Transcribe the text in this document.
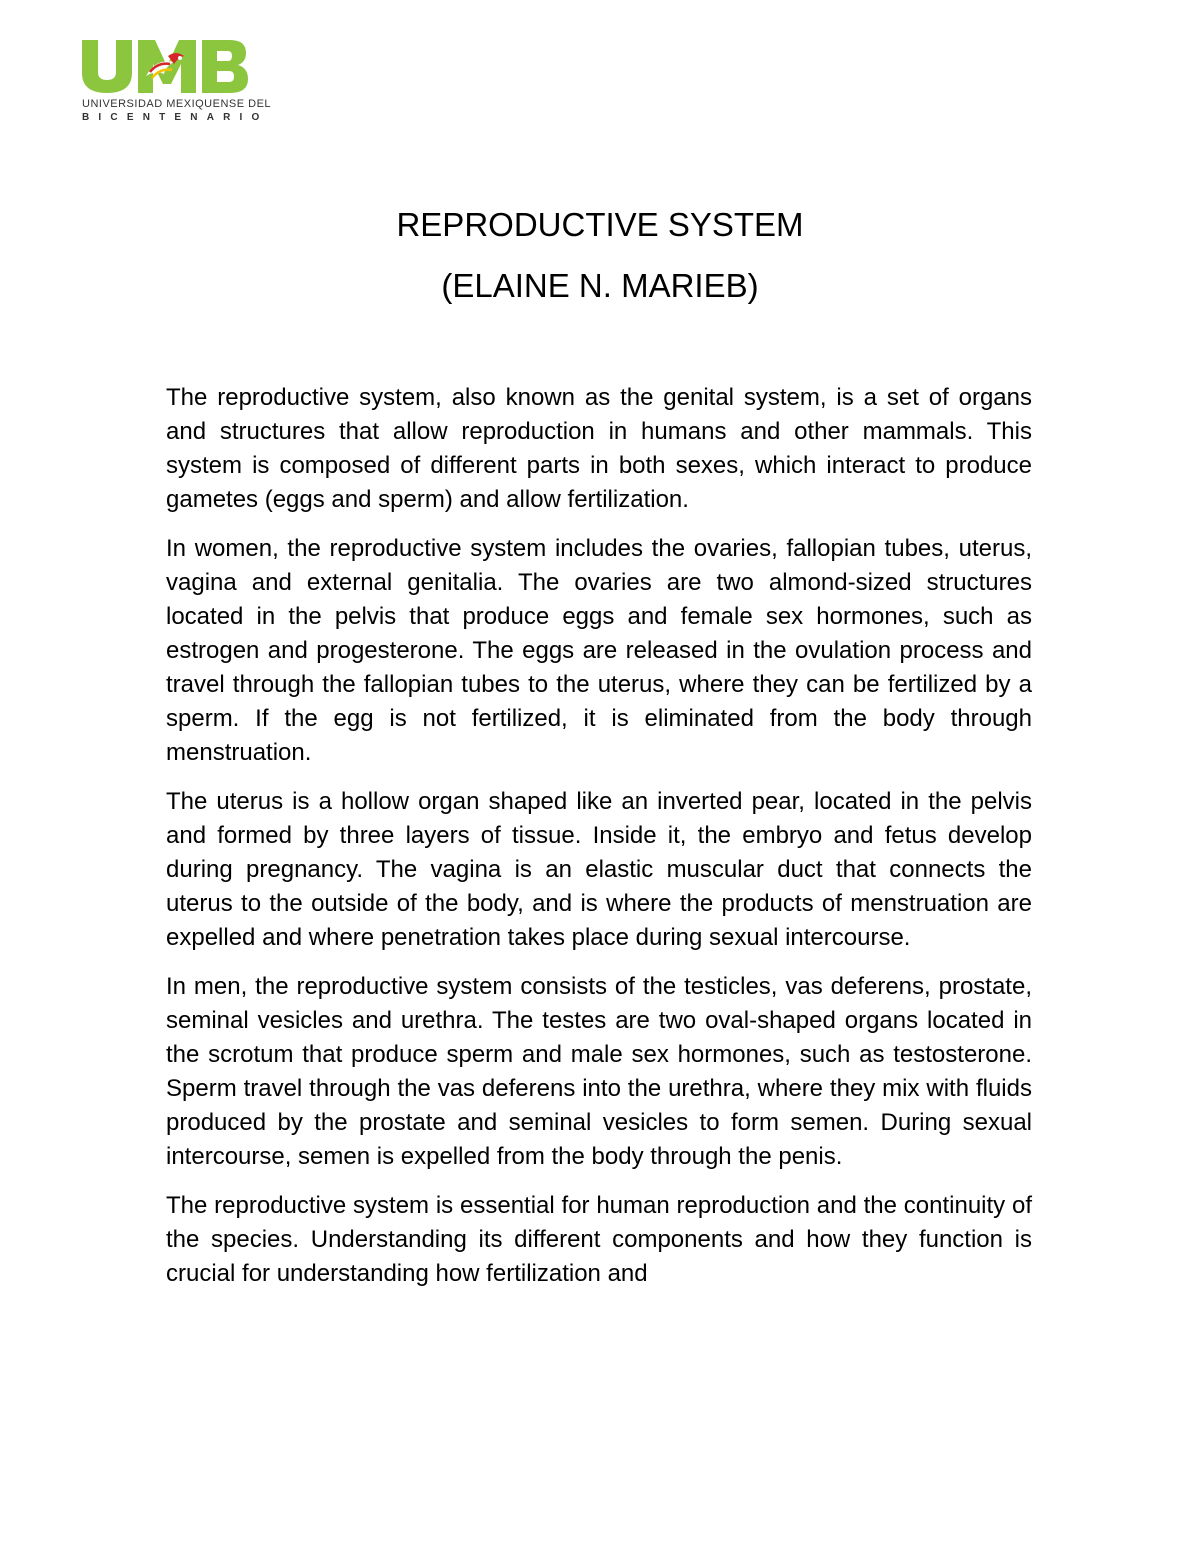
UNIVERSIDAD MEXIQUENSE DEL
BICENTENARIO
REPRODUCTIVE SYSTEM
(ELAINE N. MARIEB)

The reproductive system, also known as the genital system, is a set of organs and structures that allow reproduction in humans and other mammals. This system is composed of different parts in both sexes, which interact to produce gametes (eggs and sperm) and allow fertilization.

In women, the reproductive system includes the ovaries, fallopian tubes, uterus, vagina and external genitalia. The ovaries are two almond-sized structures located in the pelvis that produce eggs and female sex hormones, such as estrogen and progesterone. The eggs are released in the ovulation process and travel through the fallopian tubes to the uterus, where they can be fertilized by a sperm. If the egg is not fertilized, it is eliminated from the body through menstruation.

The uterus is a hollow organ shaped like an inverted pear, located in the pelvis and formed by three layers of tissue. Inside it, the embryo and fetus develop during pregnancy. The vagina is an elastic muscular duct that connects the uterus to the outside of the body, and is where the products of menstruation are expelled and where penetration takes place during sexual intercourse.

In men, the reproductive system consists of the testicles, vas deferens, prostate, seminal vesicles and urethra. The testes are two oval-shaped organs located in the scrotum that produce sperm and male sex hormones, such as testosterone. Sperm travel through the vas deferens into the urethra, where they mix with fluids produced by the prostate and seminal vesicles to form semen. During sexual intercourse, semen is expelled from the body through the penis.

The reproductive system is essential for human reproduction and the continuity of the species. Understanding its different components and how they function is crucial for understanding how fertilization and
